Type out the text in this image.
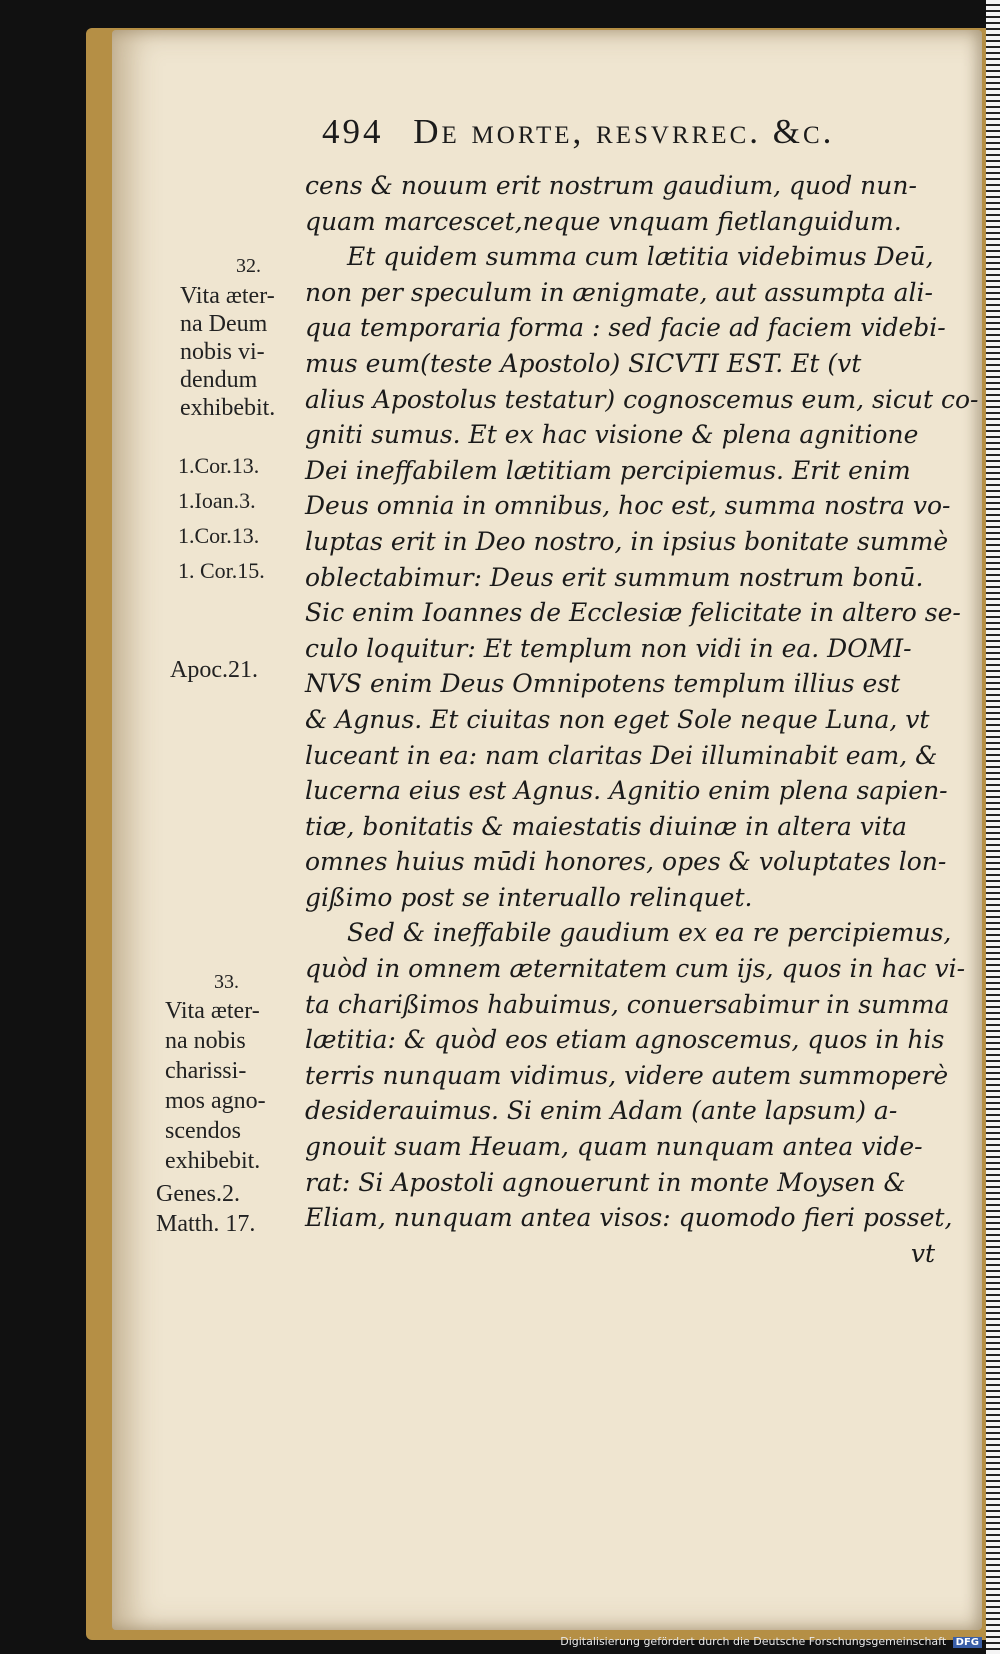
494 De morte, resvrrec. &c.
cens & nouum erit nostrum gaudium, quod nun-
quam marcescet,neque vnquam fietlanguidum.
Et quidem summa cum lætitia videbimus Deū,
non per speculum in ænigmate, aut assumpta ali-
qua temporaria forma : sed facie ad faciem videbi-
mus eum(teste Apostolo) SICVTI EST. Et (vt
alius Apostolus testatur) cognoscemus eum, sicut co-
gniti sumus. Et ex hac visione & plena agnitione
Dei ineffabilem lætitiam percipiemus. Erit enim
Deus omnia in omnibus, hoc est, summa nostra vo-
luptas erit in Deo nostro, in ipsius bonitate summè
oblectabimur: Deus erit summum nostrum bonū.
Sic enim Ioannes de Ecclesiæ felicitate in altero se-
culo loquitur: Et templum non vidi in ea. DOMI-
NVS enim Deus Omnipotens templum illius est
& Agnus. Et ciuitas non eget Sole neque Luna, vt
luceant in ea: nam claritas Dei illuminabit eam, &
lucerna eius est Agnus. Agnitio enim plena sapien-
tiæ, bonitatis & maiestatis diuinæ in altera vita
omnes huius mūdi honores, opes & voluptates lon-
gißimo post se interuallo relinquet.
Sed & ineffabile gaudium ex ea re percipiemus,
quòd in omnem æternitatem cum ijs, quos in hac vi-
ta charißimos habuimus, conuersabimur in summa
lætitia: & quòd eos etiam agnoscemus, quos in his
terris nunquam vidimus, videre autem summoperè
desiderauimus. Si enim Adam (ante lapsum) a-
gnouit suam Heuam, quam nunquam antea vide-
rat: Si Apostoli agnouerunt in monte Moysen &
Eliam, nunquam antea visos: quomodo fieri posset,
vt
32.
Vita æter-
na Deum
nobis vi-
dendum
exhibebit.
1.Cor.13.
1.Ioan.3.
1.Cor.13.
1. Cor.15.
Apoc.21.
33.
Vita æter-
na nobis
charissi-
mos agno-
scendos
exhibebit.
Genes.2.
Matth. 17.
Digitalisierung gefördert durch die Deutsche Forschungsgemeinschaft DFG
